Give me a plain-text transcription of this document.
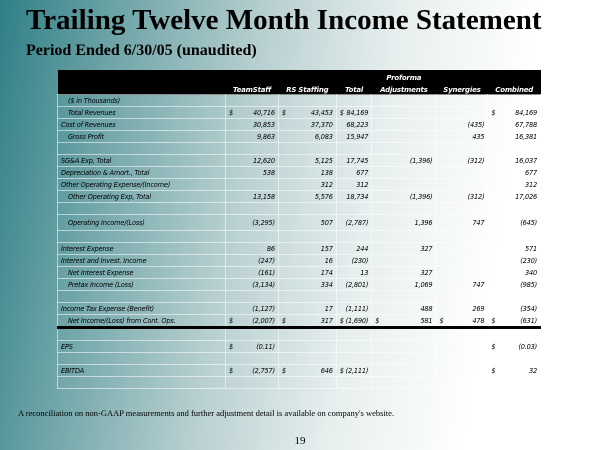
Trailing Twelve Month Income Statement
Period Ended 6/30/05 (unaudited)
				Proforma		
	TeamStaff	RS Staffing	Total	Adjustments	Synergies	Combined
($ in Thousands)						
Total Revenues	$ 40,716	$ 43,453	$ 84,169			$ 84,169
Cost of Revenues	30,853	37,370	68,223		(435)	67,788
Gross Profit	9,863	6,083	15,947		435	16,381

SG&A Exp, Total	12,620	5,125	17,745	(1,396)	(312)	16,037
Depreciation & Amort., Total	538	138	677			677
Other Operating Expense/(Income)		312	312			312
Other Operating Exp, Total	13,158	5,576	18,734	(1,396)	(312)	17,026

Operating Income/(Loss)	(3,295)	507	(2,787)	1,396	747	(645)

Interest Expense	86	157	244	327		571
Interest and Invest. Income	(247)	16	(230)			(230)
Net Interest Expense	(161)	174	13	327		340
Pretax Income (Loss)	(3,134)	334	(2,801)	1,069	747	(985)

Income Tax Expense (Benefit)	(1,127)	17	(1,111)	488	269	(354)
Net Income/(Loss) from Cont. Ops.	$ (2,007)	$ 317	$ (1,690)	$ 581	$ 478	$ (631)

EPS	$ (0.11)					$ (0.03)

EBITDA	$ (2,757)	$ 646	$ (2,111)			$ 32

A reconciliation on non-GAAP measurements and further adjustment detail is available on company's website.
19
